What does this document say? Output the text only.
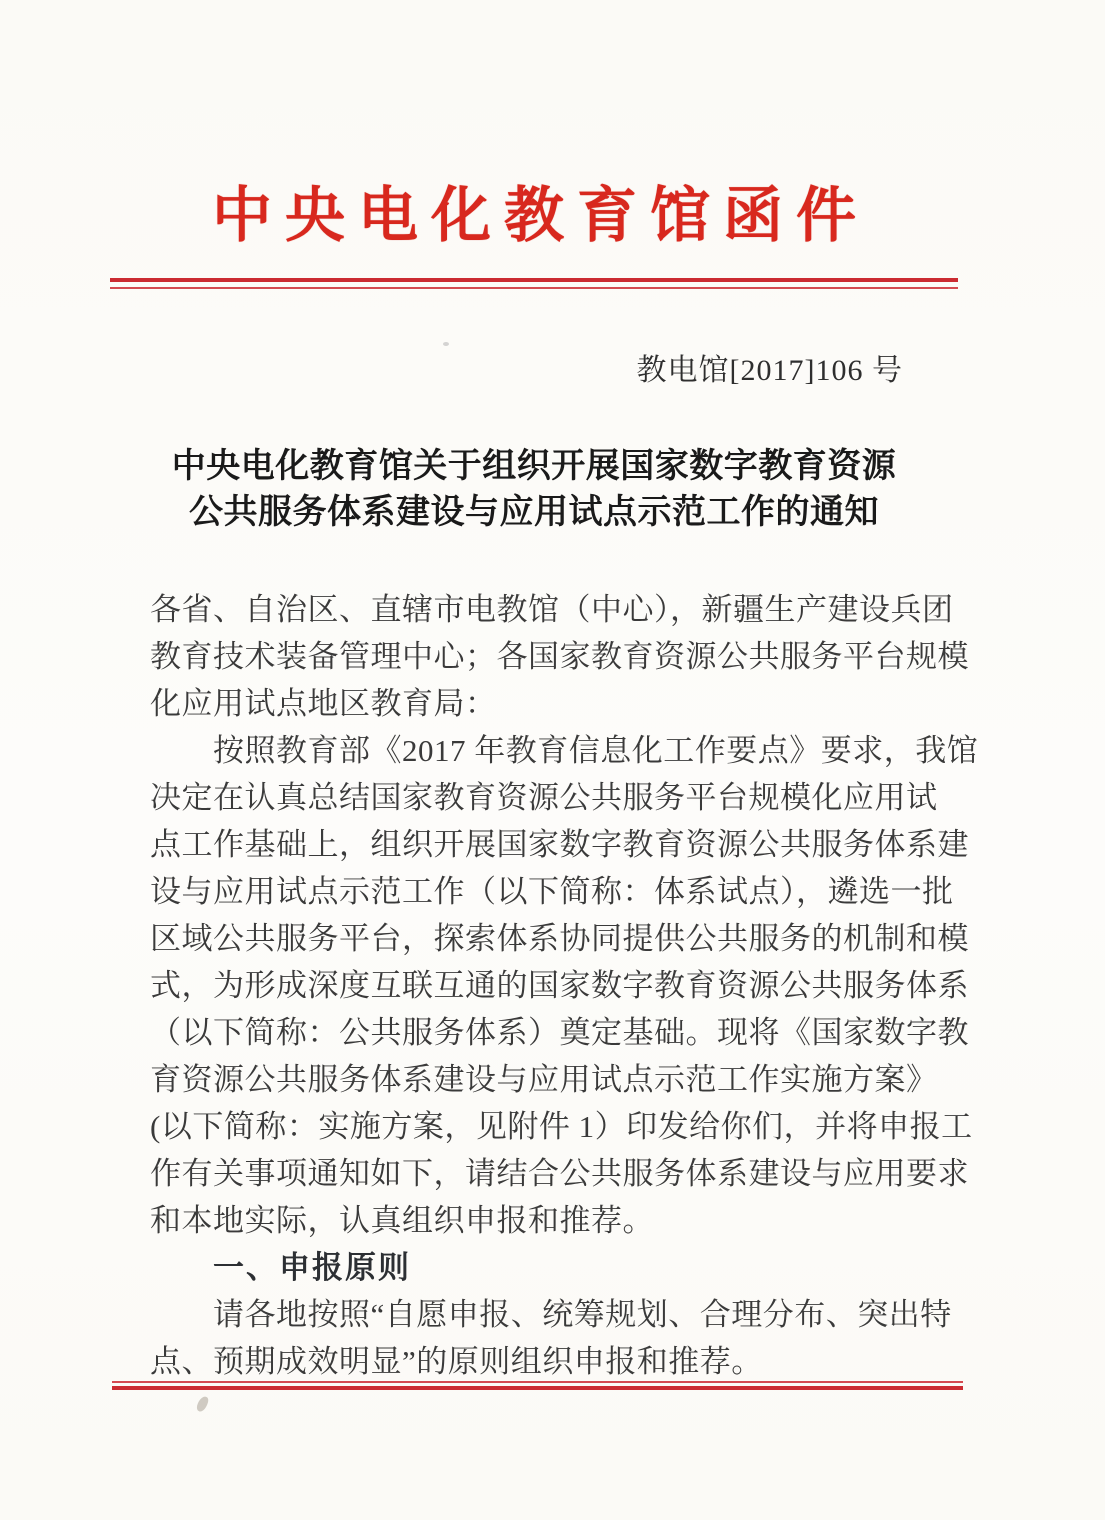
中央电化教育馆函件
教电馆[2017]106 号
中央电化教育馆关于组织开展国家数字教育资源
公共服务体系建设与应用试点示范工作的通知
各省、自治区、直辖市电教馆（中心），新疆生产建设兵团
教育技术装备管理中心；各国家教育资源公共服务平台规模
化应用试点地区教育局：
按照教育部《2017 年教育信息化工作要点》要求，我馆
决定在认真总结国家教育资源公共服务平台规模化应用试
点工作基础上，组织开展国家数字教育资源公共服务体系建
设与应用试点示范工作（以下简称：体系试点），遴选一批
区域公共服务平台，探索体系协同提供公共服务的机制和模
式，为形成深度互联互通的国家数字教育资源公共服务体系
（以下简称：公共服务体系）奠定基础。现将《国家数字教
育资源公共服务体系建设与应用试点示范工作实施方案》
(以下简称：实施方案，见附件 1）印发给你们，并将申报工
作有关事项通知如下，请结合公共服务体系建设与应用要求
和本地实际，认真组织申报和推荐。
一、申报原则
请各地按照“自愿申报、统筹规划、合理分布、突出特
点、预期成效明显”的原则组织申报和推荐。
